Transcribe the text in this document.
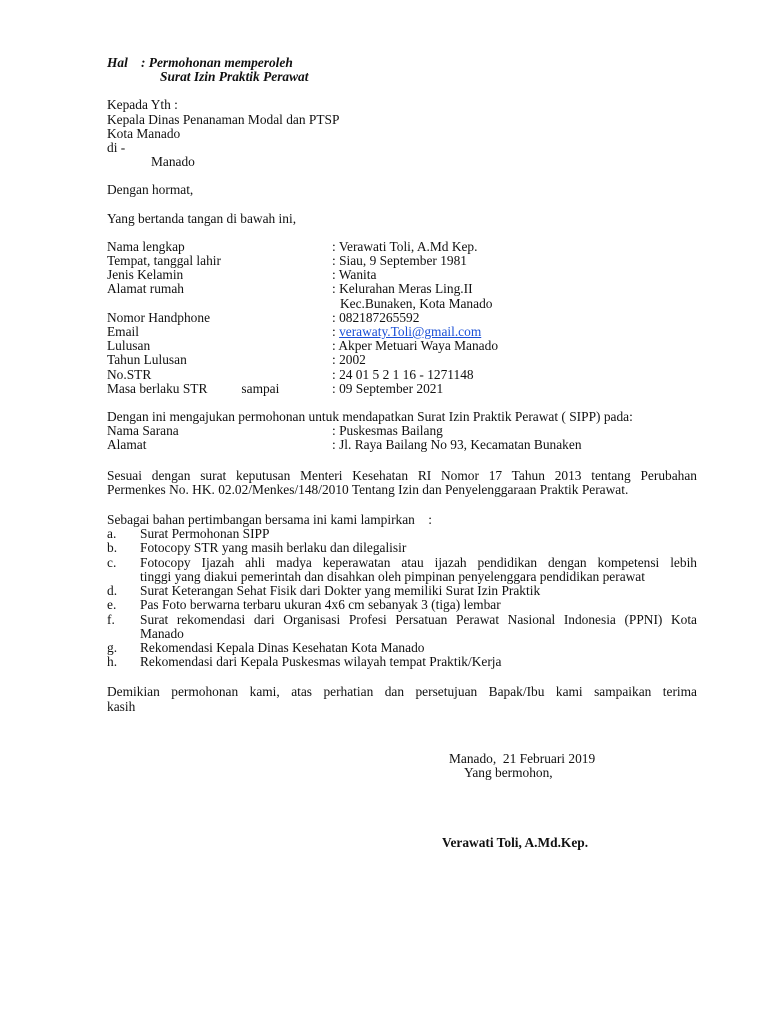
Hal : Permohonan memperoleh
Surat Izin Praktik Perawat
Kepada Yth :
Kepala Dinas Penanaman Modal dan PTSP
Kota Manado
di -
Manado
Dengan hormat,
Yang bertanda tangan di bawah ini,
Nama lengkap	: Verawati Toli, A.Md Kep.
Tempat, tanggal lahir	: Siau, 9 September 1981
Jenis Kelamin	: Wanita
Alamat rumah	: Kelurahan Meras Ling.II
Kec.Bunaken, Kota Manado
Nomor Handphone	: 082187265592
Email	: verawaty.Toli@gmail.com
Lulusan	: Akper Metuari Waya Manado
Tahun Lulusan	: 2002
No.STR	: 24 01 5 2 1 16 - 1271148
Masa berlaku STR	sampai	: 09 September 2021
Dengan ini mengajukan permohonan untuk mendapatkan Surat Izin Praktik Perawat ( SIPP) pada:
Nama Sarana	: Puskesmas Bailang
Alamat	: Jl. Raya Bailang No 93, Kecamatan Bunaken
Sesuai dengan surat keputusan Menteri Kesehatan RI Nomor 17 Tahun 2013 tentang Perubahan
Permenkes No. HK. 02.02/Menkes/148/2010 Tentang Izin dan Penyelenggaraan Praktik Perawat.
Sebagai bahan pertimbangan bersama ini kami lampirkan    :
a.	Surat Permohonan SIPP
b.	Fotocopy STR yang masih berlaku dan dilegalisir
c.	Fotocopy Ijazah ahli madya keperawatan atau ijazah pendidikan dengan kompetensi lebih
tinggi yang diakui pemerintah dan disahkan oleh pimpinan penyelenggara pendidikan perawat
d.	Surat Keterangan Sehat Fisik dari Dokter yang memiliki Surat Izin Praktik
e.	Pas Foto berwarna terbaru ukuran 4x6 cm sebanyak 3 (tiga) lembar
f.	Surat rekomendasi dari Organisasi Profesi Persatuan Perawat Nasional Indonesia (PPNI) Kota
Manado
g.	Rekomendasi Kepala Dinas Kesehatan Kota Manado
h.	Rekomendasi dari Kepala Puskesmas wilayah tempat Praktik/Kerja
Demikian permohonan kami, atas perhatian dan persetujuan Bapak/Ibu kami sampaikan terima
kasih
Manado,  21 Februari 2019
Yang bermohon,
Verawati Toli, A.Md.Kep.
